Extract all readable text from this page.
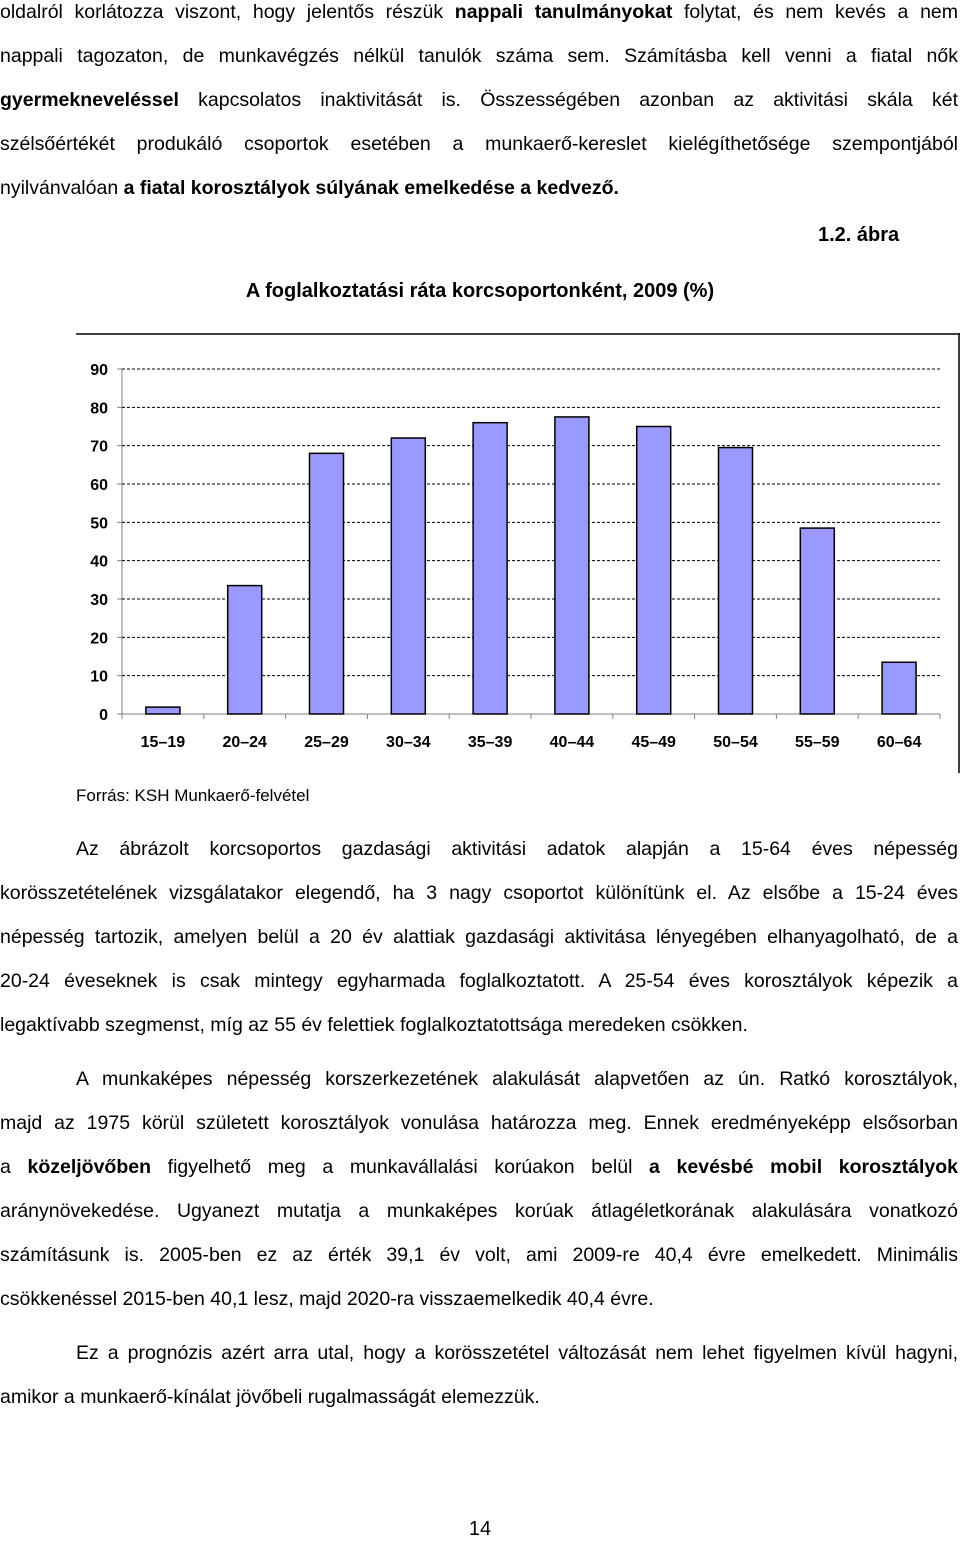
oldalról korlátozza viszont, hogy jelentős részük nappali tanulmányokat folytat, és nem kevés a nem
nappali tagozaton, de munkavégzés nélkül tanulók száma sem. Számításba kell venni a fiatal nők
gyermekneveléssel kapcsolatos inaktivitását is. Összességében azonban az aktivitási skála két
szélsőértékét produkáló csoportok esetében a munkaerő-kereslet kielégíthetősége szempontjából
nyilvánvalóan a fiatal korosztályok súlyának emelkedése a kedvező.
1.2. ábra
A foglalkoztatási ráta korcsoportonként, 2009 (%)
0
10
20
30
40
50
60
70
80
90
15–19 20–24 25–29 30–34 35–39 40–44 45–49 50–54 55–59 60–64
Forrás: KSH Munkaerő-felvétel
Az ábrázolt korcsoportos gazdasági aktivitási adatok alapján a 15-64 éves népesség
korösszetételének vizsgálatakor elegendő, ha 3 nagy csoportot különítünk el. Az elsőbe a 15-24 éves
népesség tartozik, amelyen belül a 20 év alattiak gazdasági aktivitása lényegében elhanyagolható, de a
20-24 éveseknek is csak mintegy egyharmada foglalkoztatott. A 25-54 éves korosztályok képezik a
legaktívabb szegmenst, míg az 55 év felettiek foglalkoztatottsága meredeken csökken.
A munkaképes népesség korszerkezetének alakulását alapvetően az ún. Ratkó korosztályok,
majd az 1975 körül született korosztályok vonulása határozza meg. Ennek eredményeképp elsősorban
a közeljövőben figyelhető meg a munkavállalási korúakon belül a kevésbé mobil korosztályok
aránynövekedése. Ugyanezt mutatja a munkaképes korúak átlagéletkorának alakulására vonatkozó
számításunk is. 2005-ben ez az érték 39,1 év volt, ami 2009-re 40,4 évre emelkedett. Minimális
csökkenéssel 2015-ben 40,1 lesz, majd 2020-ra visszaemelkedik 40,4 évre.
Ez a prognózis azért arra utal, hogy a korösszetétel változását nem lehet figyelmen kívül hagyni,
amikor a munkaerő-kínálat jövőbeli rugalmasságát elemezzük.
14
